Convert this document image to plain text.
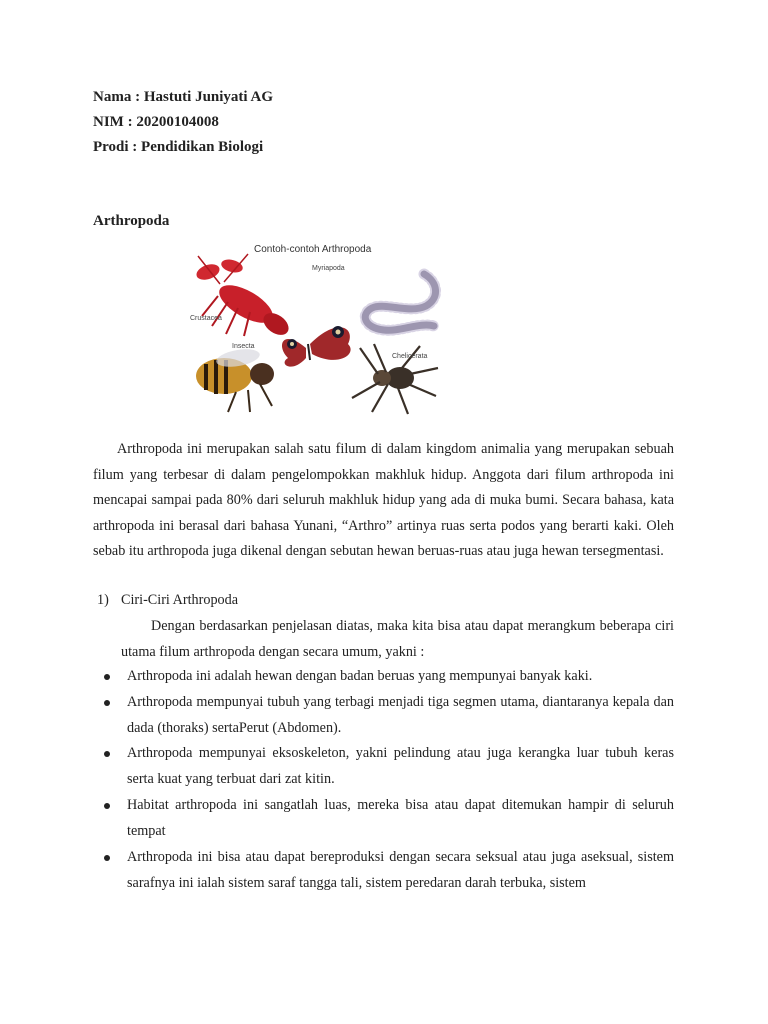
Nama : Hastuti Juniyati AG
NIM : 20200104008
Prodi : Pendidikan Biologi
Arthropoda
Contoh-contoh Arthropoda
Crustacea
Myriapoda
Insecta
Chelicerata
Arthropoda ini merupakan salah satu filum di dalam kingdom animalia yang merupakan sebuah filum yang terbesar di dalam pengelompokkan makhluk hidup. Anggota dari filum arthropoda ini mencapai sampai pada 80% dari seluruh makhluk hidup yang ada di muka bumi. Secara bahasa, kata arthropoda ini berasal dari bahasa Yunani, “Arthro” artinya ruas serta podos yang berarti kaki. Oleh sebab itu arthropoda juga dikenal dengan sebutan hewan beruas-ruas atau juga hewan tersegmentasi.
1) Ciri-Ciri Arthropoda
Dengan berdasarkan penjelasan diatas, maka kita bisa atau dapat merangkum beberapa ciri utama filum arthropoda dengan secara umum, yakni :
Arthropoda ini adalah hewan dengan badan beruas yang mempunyai banyak kaki.
Arthropoda mempunyai tubuh yang terbagi menjadi tiga segmen utama, diantaranya kepala dan dada (thoraks) sertaPerut (Abdomen).
Arthropoda mempunyai eksoskeleton, yakni pelindung atau juga kerangka luar tubuh keras serta kuat yang terbuat dari zat kitin.
Habitat arthropoda ini sangatlah luas, mereka bisa atau dapat ditemukan hampir di seluruh tempat
Arthropoda ini bisa atau dapat bereproduksi dengan secara seksual atau juga aseksual, sistem sarafnya ini ialah sistem saraf tangga tali, sistem peredaran darah terbuka, sistem
